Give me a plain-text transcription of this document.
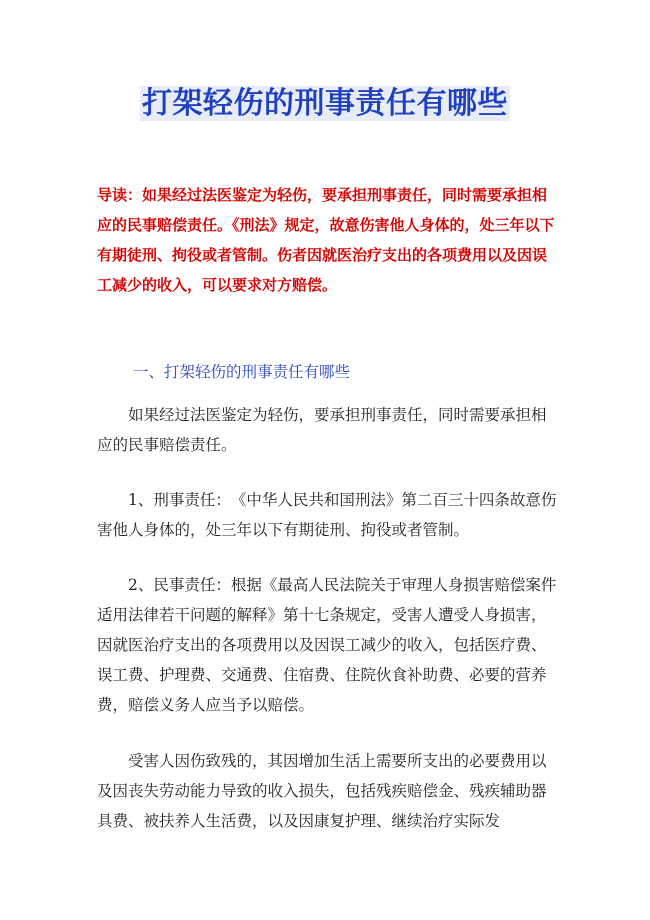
打架轻伤的刑事责任有哪些
导读：如果经过法医鉴定为轻伤，要承担刑事责任，同时需要承担相应的民事赔偿责任。《刑法》规定，故意伤害他人身体的，处三年以下有期徒刑、拘役或者管制。伤者因就医治疗支出的各项费用以及因误工减少的收入，可以要求对方赔偿。
一、打架轻伤的刑事责任有哪些
如果经过法医鉴定为轻伤，要承担刑事责任，同时需要承担相应的民事赔偿责任。
1、刑事责任：　《中华人民共和国刑法》第二百三十四条故意伤害他人身体的，处三年以下有期徒刑、拘役或者管制。
2、民事责任：根据《最高人民法院关于审理人身损害赔偿案件适用法律若干问题的解释》第十七条规定，受害人遭受人身损害，因就医治疗支出的各项费用以及因误工减少的收入，包括医疗费、误工费、护理费、交通费、住宿费、住院伙食补助费、必要的营养费，赔偿义务人应当予以赔偿。
受害人因伤致残的，其因增加生活上需要所支出的必要费用以及因丧失劳动能力导致的收入损失，包括残疾赔偿金、残疾辅助器具费、被扶养人生活费，以及因康复护理、继续治疗实际发
